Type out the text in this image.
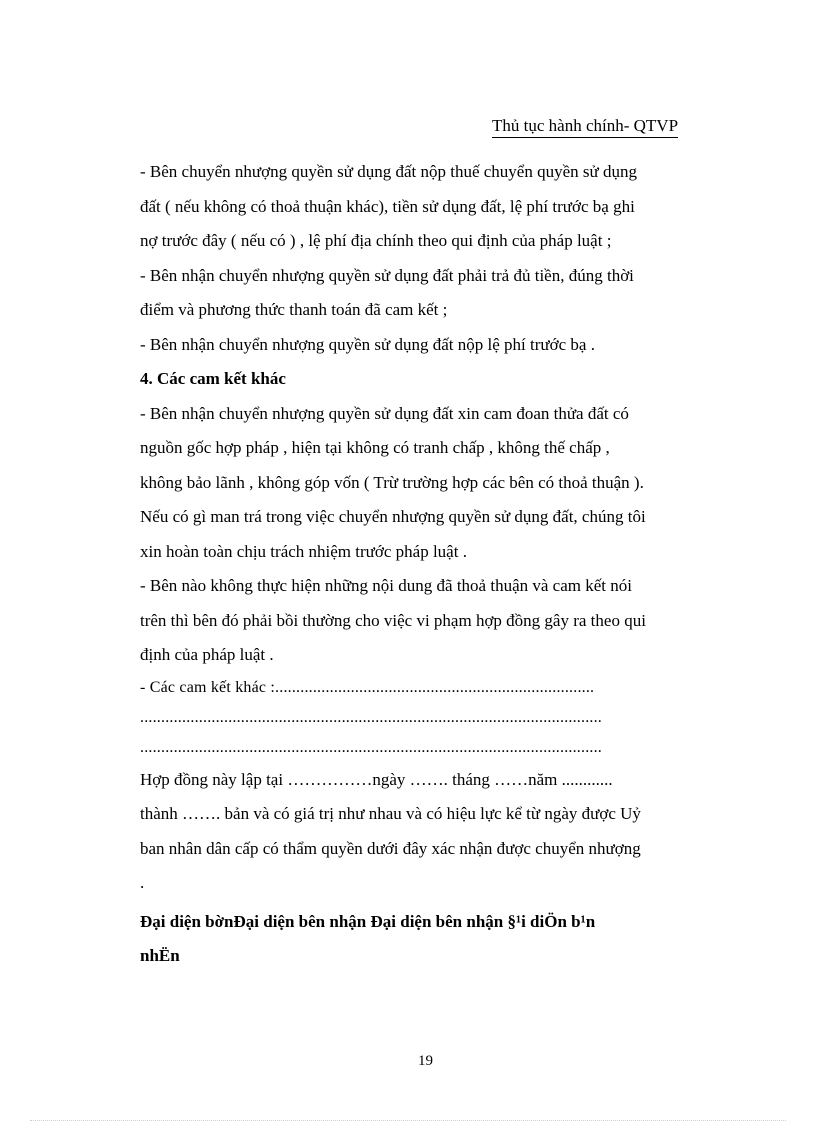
Thủ tục hành chính- QTVP
- Bên chuyển nhượng quyền sử dụng đất nộp thuế chuyển quyền sử dụng
đất ( nếu không có thoả thuận khác), tiền sử dụng đất, lệ phí trước bạ ghi
nợ trước đây ( nếu có ) , lệ phí địa chính theo qui định của pháp luật ;
- Bên nhận chuyển nhượng quyền sử dụng đất phải trả đủ tiền, đúng thời
điểm và phương thức thanh toán đã cam kết ;
- Bên nhận chuyển nhượng quyền sử dụng đất nộp lệ phí trước bạ .
4. Các cam kết khác
- Bên nhận chuyển nhượng quyền sử dụng đất xin cam đoan thửa đất có
nguồn gốc hợp pháp , hiện tại không có tranh chấp , không thế chấp ,
không bảo lãnh , không góp vốn ( Trừ trường hợp các bên có thoả thuận ).
Nếu có gì man trá trong việc chuyển nhượng quyền sử dụng đất, chúng tôi
xin hoàn toàn chịu trách nhiệm trước pháp luật .
- Bên nào không thực hiện những nội dung đã thoả thuận và cam kết nói
trên thì bên đó phải bồi thường cho việc vi phạm hợp đồng gây ra theo qui
định của pháp luật .
- Các cam kết khác :............................................................................
..............................................................................................................
..............................................................................................................
Hợp đồng này lập tại ……………ngày ……. tháng ……năm ............
thành ……. bản và có giá trị như nhau và có hiệu lực kể từ ngày được Uỷ
ban nhân dân cấp có thẩm quyền dưới đây xác nhận được chuyển nhượng
.
Đại diện bờnĐại diện bên nhận Đại diện bên nhận §¹i diÖn b¹n
nhËn
19
